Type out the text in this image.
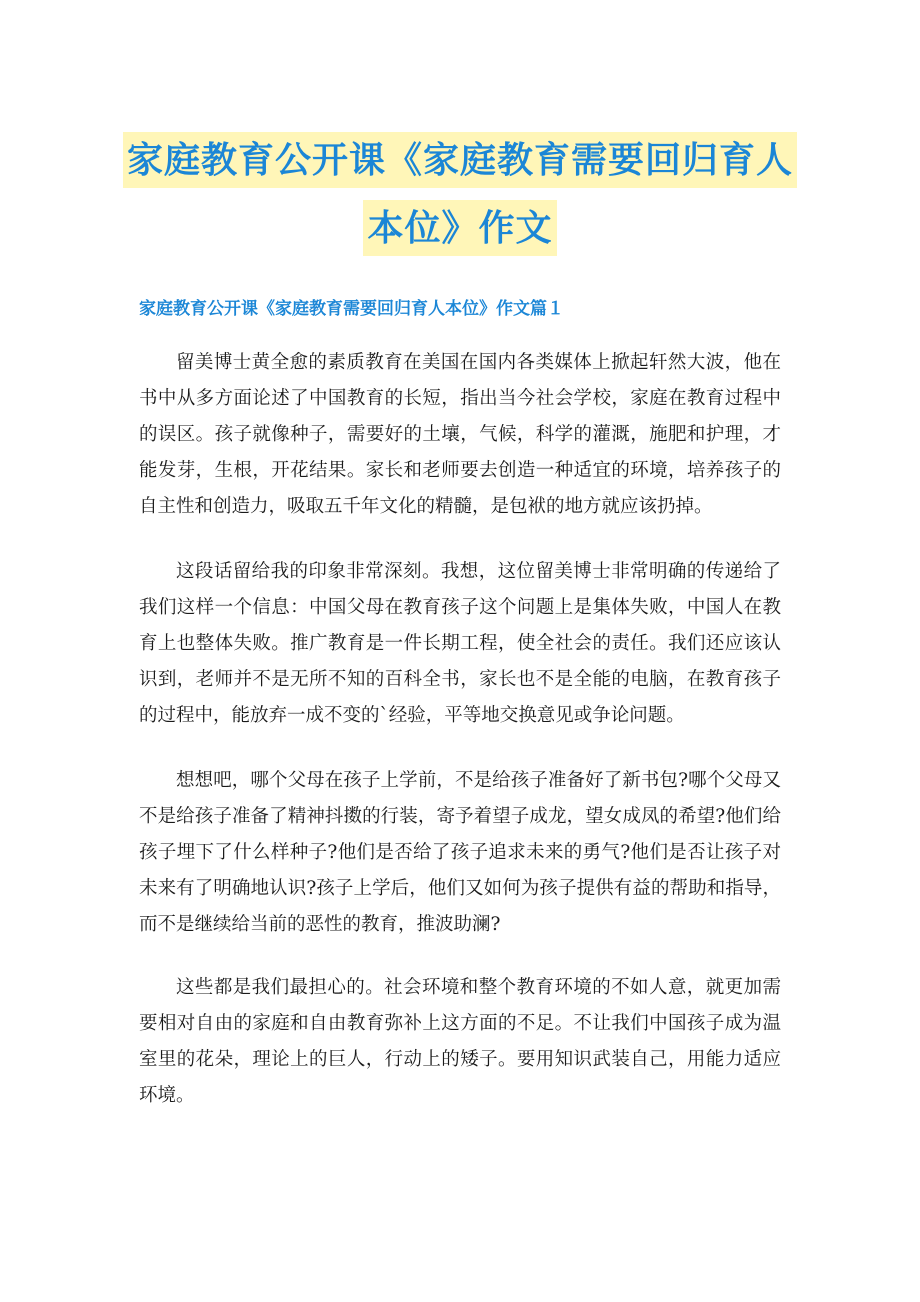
家庭教育公开课《家庭教育需要回归育人
本位》作文
家庭教育公开课《家庭教育需要回归育人本位》作文篇１

留美博士黄全愈的素质教育在美国在国内各类媒体上掀起轩然大波，他在书中从多方面论述了中国教育的长短，指出当今社会学校，家庭在教育过程中的误区。孩子就像种子，需要好的土壤，气候，科学的灌溉，施肥和护理，才能发芽，生根，开花结果。家长和老师要去创造一种适宜的环境，培养孩子的自主性和创造力，吸取五千年文化的精髓，是包袱的地方就应该扔掉。

这段话留给我的印象非常深刻。我想，这位留美博士非常明确的传递给了我们这样一个信息：中国父母在教育孩子这个问题上是集体失败，中国人在教育上也整体失败。推广教育是一件长期工程，使全社会的责任。我们还应该认识到，老师并不是无所不知的百科全书，家长也不是全能的电脑，在教育孩子的过程中，能放弃一成不变的`经验，平等地交换意见或争论问题。

想想吧，哪个父母在孩子上学前，不是给孩子准备好了新书包?哪个父母又不是给孩子准备了精神抖擞的行装，寄予着望子成龙，望女成凤的希望?他们给孩子埋下了什么样种子?他们是否给了孩子追求未来的勇气?他们是否让孩子对未来有了明确地认识?孩子上学后，他们又如何为孩子提供有益的帮助和指导，而不是继续给当前的恶性的教育，推波助澜?

这些都是我们最担心的。社会环境和整个教育环境的不如人意，就更加需要相对自由的家庭和自由教育弥补上这方面的不足。不让我们中国孩子成为温室里的花朵，理论上的巨人，行动上的矮子。要用知识武装自己，用能力适应环境。
